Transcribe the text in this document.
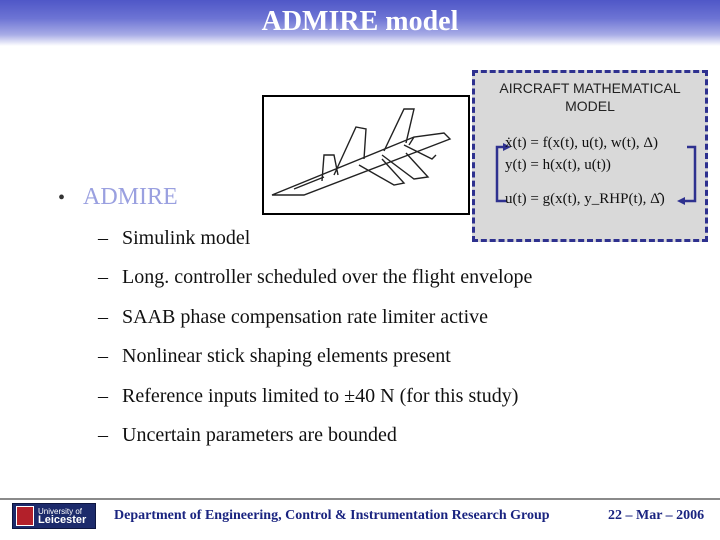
ADMIRE model
AIRCRAFT MATHEMATICAL MODEL
ẋ(t) = f(x(t), u(t), w(t), Δ)
y(t) = h(x(t), u(t))
u(t) = g(x(t), y_RHP(t), Δ̂)
• ADMIRE
– Simulink model
– Long. controller scheduled over the flight envelope
– SAAB phase compensation rate limiter active
– Nonlinear stick shaping elements present
– Reference inputs limited to ±40 N (for this study)
– Uncertain parameters are bounded
University of
Leicester Department of Engineering, Control & Instrumentation Research Group	22 – Mar – 2006
